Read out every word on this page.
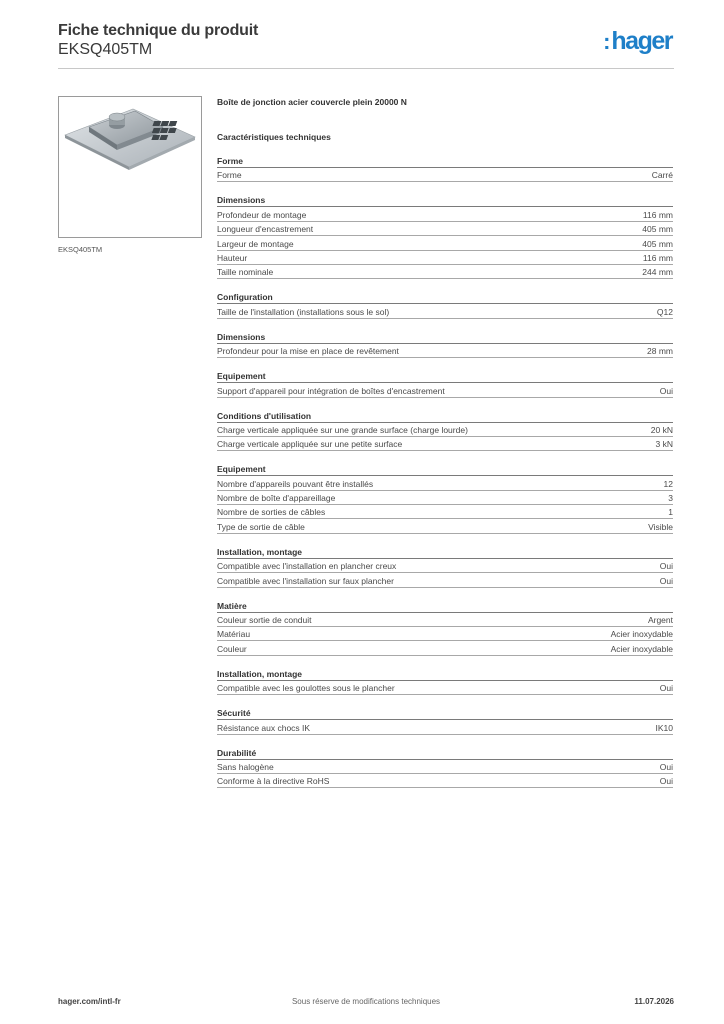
Fiche technique du produit
EKSQ405TM	:hager
EKSQ405TM
Boîte de jonction acier couvercle plein 20000 N
Caractéristiques techniques
Forme
Forme	Carré
Dimensions
Profondeur de montage	116 mm
Longueur d'encastrement	405 mm
Largeur de montage	405 mm
Hauteur	116 mm
Taille nominale	244 mm
Configuration
Taille de l'installation (installations sous le sol)	Q12
Dimensions
Profondeur pour la mise en place de revêtement	28 mm
Equipement
Support d'appareil pour intégration de boîtes d'encastrement	Oui
Conditions d'utilisation
Charge verticale appliquée sur une grande surface (charge lourde)	20 kN
Charge verticale appliquée sur une petite surface	3 kN
Equipement
Nombre d'appareils pouvant être installés	12
Nombre de boîte d'appareillage	3
Nombre de sorties de câbles	1
Type de sortie de câble	Visible
Installation, montage
Compatible avec l'installation en plancher creux	Oui
Compatible avec l'installation sur faux plancher	Oui
Matière
Couleur sortie de conduit	Argent
Matériau	Acier inoxydable
Couleur	Acier inoxydable
Installation, montage
Compatible avec les goulottes sous le plancher	Oui
Sécurité
Résistance aux chocs IK	IK10
Durabilité
Sans halogène	Oui
Conforme à la directive RoHS	Oui
hager.com/intl-fr	Sous réserve de modifications techniques	11.07.2026
